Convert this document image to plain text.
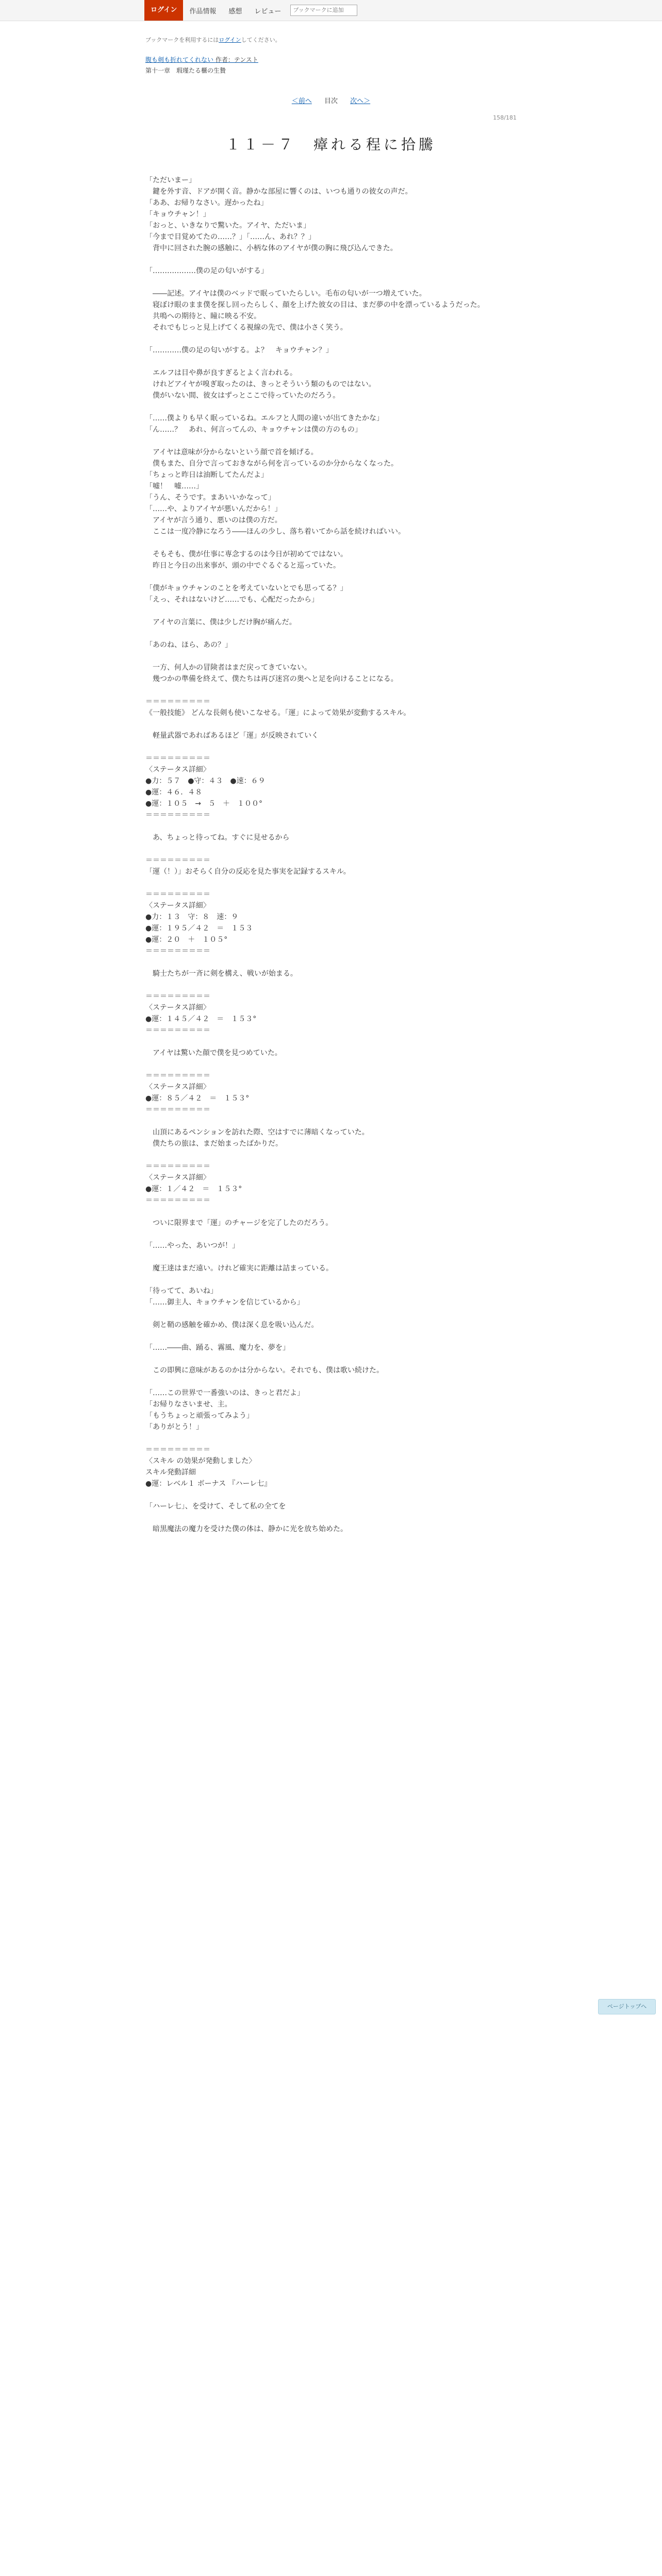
ログイン	作品情報	感想	レビュー
ブックマークに追加
ブックマークを利用するにはログインしてください。
腹も剣も折れてくれない 作者：テンスト
第十一章　瑕瑾たる櫃の生贄
＜前へ 目次 次へ＞
158/181
１１－７　瘴れる程に拾騰

「ただいまー」

　鍵を外す音、ドアが開く音。静かな部屋に響くのは、いつも通りの彼女の声だ。

「ああ、お帰りなさい。遅かったね」

「キョウチャン！」

「おっと、いきなりで驚いた。アイヤ、ただいま」

「今まで目覚めてたの……？」「……ん、あれ？？」

　背中に回された腕の感触に、小柄な体のアイヤが僕の胸に飛び込んできた。

「………………僕の足の匂いがする」

　――記述。アイヤは僕のベッドで眠っていたらしい。毛布の匂いが一つ増えていた。

　寝ぼけ眼のまま僕を探し回ったらしく、顔を上げた彼女の目は、まだ夢の中を漂っているようだった。

　共鳴への期待と、瞳に映る不安。

　それでもじっと見上げてくる視線の先で、僕は小さく笑う。

「…………僕の足の匂いがする。よ？　キョウチャン？」

　エルフは目や鼻が良すぎるとよく言われる。

　けれどアイヤが嗅ぎ取ったのは、きっとそういう類のものではない。

　僕がいない間、彼女はずっとここで待っていたのだろう。

「……僕よりも早く眠っているね。エルフと人間の違いが出てきたかな」

「ん……？　あれ、何言ってんの、キョウチャンは僕の方のもの」

　アイヤは意味が分からないという顔で首を傾げる。

　僕もまた、自分で言っておきながら何を言っているのか分からなくなった。

「ちょっと昨日は油断してたんだよ」

「嘘！　嘘……」

「うん、そうです。まあいいかなって」

「……や、よりアイヤが悪いんだから！」

　アイヤが言う通り、悪いのは僕の方だ。

　ここは一度冷静になろう――ほんの少し、落ち着いてから話を続ければいい。

　そもそも、僕が仕事に専念するのは今日が初めてではない。

　昨日と今日の出来事が、頭の中でぐるぐると巡っていた。

「僕がキョウチャンのことを考えていないとでも思ってる？」

「えっ、それはないけど……でも、心配だったから」

　アイヤの言葉に、僕は少しだけ胸が痛んだ。

「あのね、ほら、あの？」

　一方、何人かの冒険者はまだ戻ってきていない。

　幾つかの準備を終えて、僕たちは再び迷宮の奥へと足を向けることになる。

＝＝＝＝＝＝＝＝＝

《一般技能》 どんな長剣も使いこなせる。「運」によって効果が変動するスキル。

　軽量武器であればあるほど「運」が反映されていく

＝＝＝＝＝＝＝＝＝

〈ステータス詳細〉

●力：５７　●守：４３　●速：６９

●運：４６．４８

●運：１０５　→　５　＋　１００°

＝＝＝＝＝＝＝＝＝

　あ、ちょっと待ってね。すぐに見せるから

＝＝＝＝＝＝＝＝＝

「運（！）」おそらく自分の反応を見た事実を記録するスキル。

＝＝＝＝＝＝＝＝＝

〈ステータス詳細〉

●力：１３　守：８　速：９

●運：１９５／４２　＝　１５３

●運：２０　＋　１０５°

＝＝＝＝＝＝＝＝＝

　騎士たちが一斉に剣を構え、戦いが始まる。

＝＝＝＝＝＝＝＝＝

〈ステータス詳細〉

●運：１４５／４２　＝　１５３°

＝＝＝＝＝＝＝＝＝

　アイヤは驚いた顔で僕を見つめていた。

＝＝＝＝＝＝＝＝＝

〈ステータス詳細〉

●運：８５／４２　＝　１５３°

＝＝＝＝＝＝＝＝＝

　山頂にあるペンションを訪れた際、空はすでに薄暗くなっていた。

　僕たちの旅は、まだ始まったばかりだ。

＝＝＝＝＝＝＝＝＝

〈ステータス詳細〉

●運：１／４２　＝　１５３°

＝＝＝＝＝＝＝＝＝

　ついに限界まで「運」のチャージを完了したのだろう。

「……やった、あいつが！」

　魔王達はまだ遠い。けれど確実に距離は詰まっている。

「待ってて、あいね」

「……御主人、キョウチャンを信じているから」

　剣と鞘の感触を確かめ、僕は深く息を吸い込んだ。

「……――曲、踊る、霧風、魔力を、夢を」

　この即興に意味があるのかは分からない。それでも、僕は歌い続けた。

「……この世界で一番強いのは、きっと君だよ」

「お帰りなさいませ、主。

「もうちょっと頑張ってみよう」

「ありがとう！」

＝＝＝＝＝＝＝＝＝

〈スキル の効果が発動しました〉

スキル発動詳細

●運：レベル１ ボーナス 『ハーレ七』

「ハーレ七」、を受けて、そして私の全てを

　暗黒魔法の魔力を受けた僕の体は、静かに光を放ち始めた。

ページトップへ
